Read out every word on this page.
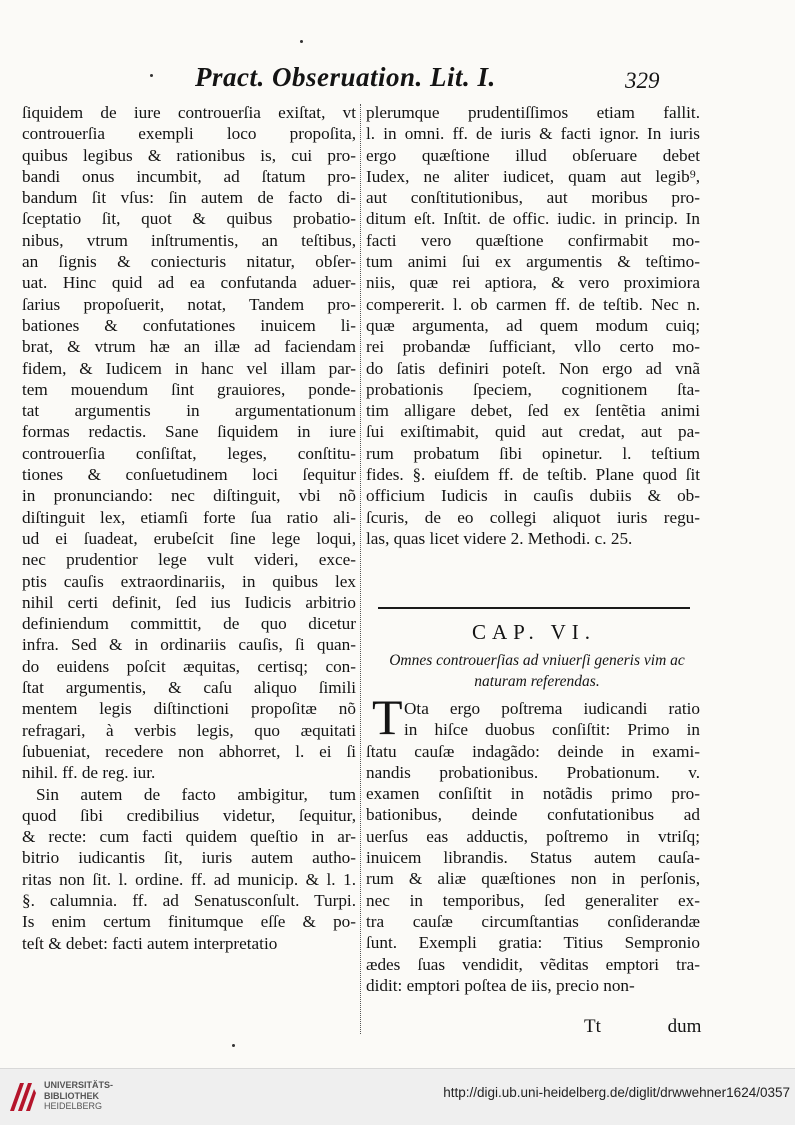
Pract. Obseruation. Lit. I.	329
ſiquidem de iure controuerſia exiſtat, vt
controuerſia exempli loco propoſita,
quibus legibus & rationibus is, cui pro-
bandi onus incumbit, ad ſtatum pro-
bandum ſit vſus: ſin autem de facto di-
ſceptatio ſit, quot & quibus probatio-
nibus, vtrum inſtrumentis, an teſtibus,
an ſignis & coniecturis nitatur, obſer-
uat. Hinc quid ad ea confutanda aduer-
ſarius propoſuerit, notat, Tandem pro-
bationes & confutationes inuicem li-
brat, & vtrum hæ an illæ ad faciendam
fidem, & Iudicem in hanc vel illam par-
tem mouendum ſint grauiores, ponde-
tat argumentis in argumentationum
formas redactis. Sane ſiquidem in iure
controuerſia conſiſtat, leges, conſtitu-
tiones & conſuetudinem loci ſequitur
in pronunciando: nec diſtinguit, vbi nõ
diſtinguit lex, etiamſi forte ſua ratio ali-
ud ei ſuadeat, erubeſcit ſine lege loqui,
nec prudentior lege vult videri, exce-
ptis cauſis extraordinariis, in quibus lex
nihil certi definit, ſed ius Iudicis arbitrio
definiendum committit, de quo dicetur
infra. Sed & in ordinariis cauſis, ſi quan-
do euidens poſcit æquitas, certisq; con-
ſtat argumentis, & caſu aliquo ſimili
mentem legis diſtinctioni propoſitæ nõ
refragari, à verbis legis, quo æquitati
ſubueniat, recedere non abhorret, l. ei ſi
nihil. ff. de reg. iur.
Sin autem de facto ambigitur, tum
quod ſibi credibilius videtur, ſequitur,
& recte: cum facti quidem queſtio in ar-
bitrio iudicantis ſit, iuris autem autho-
ritas non ſit. l. ordine. ff. ad municip. & l. 1.
§. calumnia. ff. ad Senatusconſult. Turpi.
Is enim certum finitumque eſſe & po-
teſt & debet: facti autem interpretatio
plerumque prudentiſſimos etiam fallit.
l. in omni. ff. de iuris & facti ignor. In iuris
ergo quæſtione illud obſeruare debet
Iudex, ne aliter iudicet, quam aut legib⁹,
aut conſtitutionibus, aut moribus pro-
ditum eſt. Inſtit. de offic. iudic. in princip. In
facti vero quæſtione confirmabit mo-
tum animi ſui ex argumentis & teſtimo-
niis, quæ rei aptiora, & vero proximiora
compererit. l. ob carmen ff. de teſtib. Nec n.
quæ argumenta, ad quem modum cuiq;
rei probandæ ſufficiant, vllo certo mo-
do ſatis definiri poteſt. Non ergo ad vnã
probationis ſpeciem, cognitionem ſta-
tim alligare debet, ſed ex ſentẽtia animi
ſui exiſtimabit, quid aut credat, aut pa-
rum probatum ſibi opinetur. l. teſtium
fides. §. eiuſdem ff. de teſtib. Plane quod ſit
officium Iudicis in cauſis dubiis & ob-
ſcuris, de eo collegi aliquot iuris regu-
las, quas licet videre 2. Methodi. c. 25.
CAP. VI.
Omnes controuerſias ad vniuerſi generis vim ac
naturam referendas.
T Ota ergo poſtrema iudicandi ratio
in hiſce duobus conſiſtit: Primo in
ſtatu cauſæ indagãdo: deinde in exami-
nandis probationibus. Probationum. v.
examen conſiſtit in notãdis primo pro-
bationibus, deinde confutationibus ad
uerſus eas adductis, poſtremo in vtriſq;
inuicem librandis. Status autem cauſa-
rum & aliæ quæſtiones non in perſonis,
nec in temporibus, ſed generaliter ex-
tra cauſæ circumſtantias conſiderandæ
ſunt. Exempli gratia: Titius Sempronio
ædes ſuas vendidit, vẽditas emptori tra-
didit: emptori poſtea de iis, precio non-
Tt	dum
UNIVERSITÄTS-
BIBLIOTHEK
HEIDELBERG
http://digi.ub.uni-heidelberg.de/diglit/drwwehner1624/0357
